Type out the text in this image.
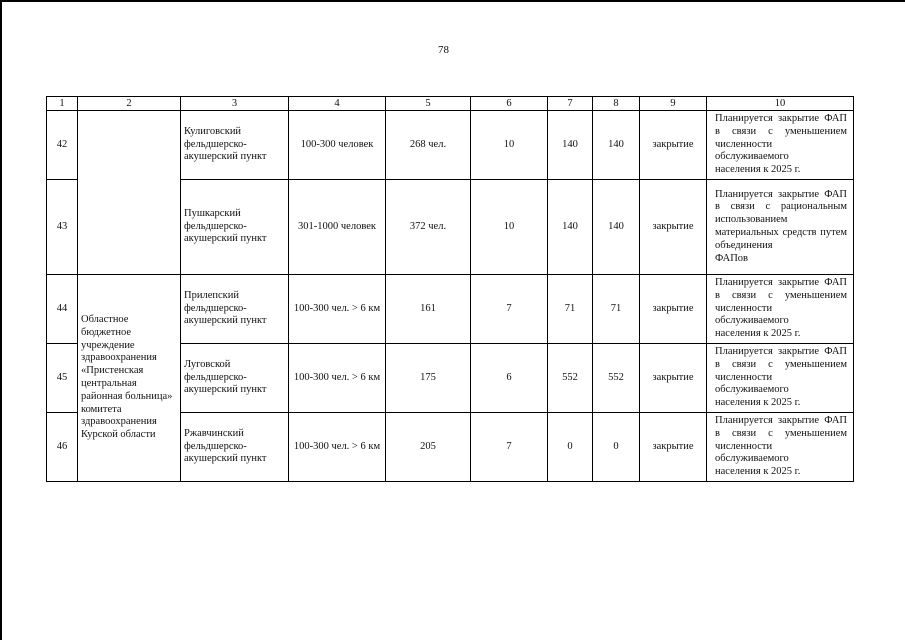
78
1	2	3	4	5	6	7	8	9	10
42		Кулиговский фельдшерско-акушерский пункт	100-300 человек	268 чел.	10	140	140	закрытие	Планируется закрытие ФАП в связи с уменьшением численности обслуживаемого
населения к 2025 г.

43		Пушкарский фельдшерско-акушерский пункт	301-1000 человек	372 чел.	10	140	140	закрытие	Планируется закрытие ФАП в связи с рациональным использованием материальных средств путем объединения
ФАПов

44	Областное бюджетное учреждение здравоохранения «Пристенская центральная районная больница» комитета здравоохранения Курской области	Прилепский фельдшерско-акушерский пункт	100-300 чел. > 6 км	161	7	71	71	закрытие	Планируется закрытие ФАП в связи с уменьшением численности обслуживаемого
населения к 2025 г.

45		Луговской фельдшерско-акушерский пункт	100-300 чел. > 6 км	175	6	552	552	закрытие	Планируется закрытие ФАП в связи с уменьшением численности обслуживаемого
населения к 2025 г.

46		Ржавчинский фельдшерско-акушерский пункт	100-300 чел. > 6 км	205	7	0	0	закрытие	Планируется закрытие ФАП в связи с уменьшением численности обслуживаемого
населения к 2025 г.
